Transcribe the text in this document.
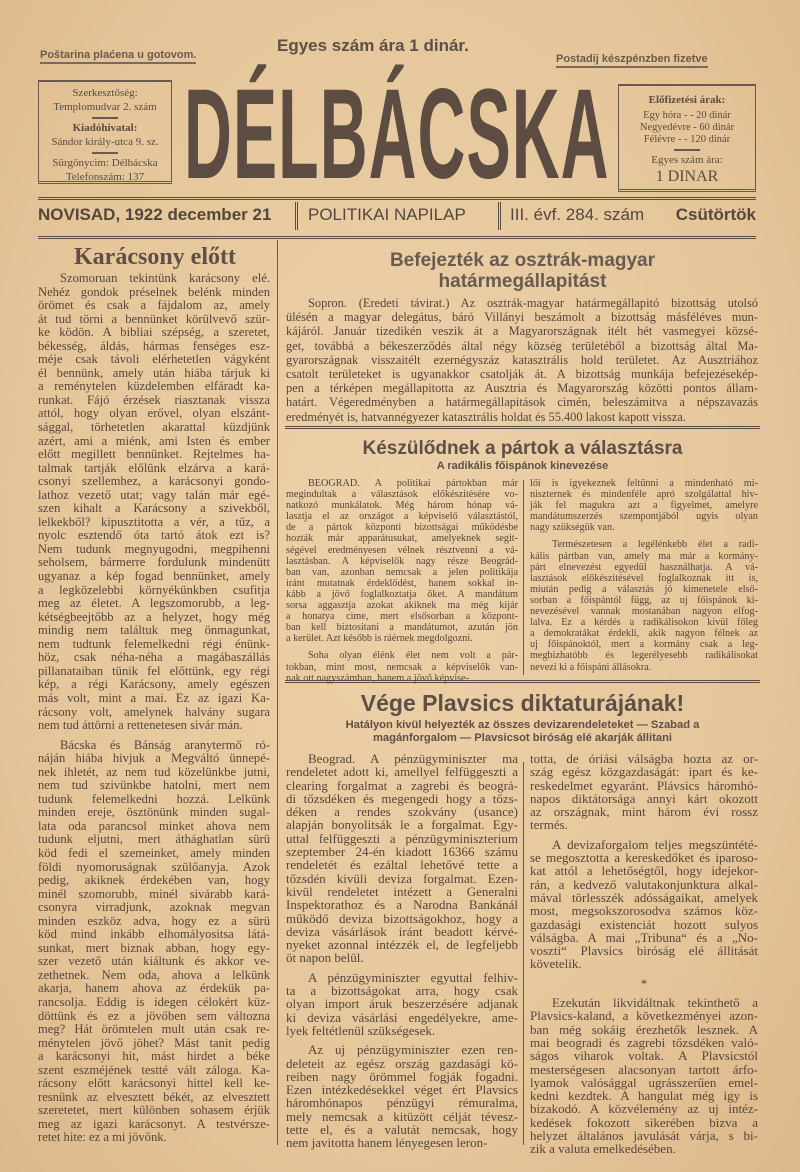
Poštarina plaćena u gotovom.	Egyes szám ára 1 dinár.
Postadij készpénzben fizetve
Szerkesztőség:
Templomudvar 2. szám
Kiadóhivatal:
Sándor király-utca 9. sz.
Sürgönycim: Délbácska
Telefonszám: 137 DÉLBÁCSKA	Előfizetési árak:
Egy hóra - - 20 dinár
Negyedévre - 60 dinár
Félévre - - 120 dinár
Egyes szám ára:
1 DINAR
NOVISAD, 1922 december 21 POLITIKAI NAPILAP	III. évf. 284. szám Csütörtök
Karácsony előtt
Szomoruan tekintünk karácsony elé.
Nehéz gondok préselnek belénk minden
örömet és csak a fájdalom az, amely
át tud törni a bennünket körülvevő szür-
ke ködön. A bibliai szépség, a szeretet,
békesség, áldás, hármas fenséges esz-
méje csak távoli elérhetetlen vágyként
él bennünk, amely után hiába tárjuk ki
a reménytelen küzdelemben elfáradt ka-
runkat. Fájó érzések riasztanak vissza
attól, hogy olyan erővel, olyan elszánt-
sággal, törhetetlen akarattal küzdjünk
azért, ami a miénk, ami Isten és ember
előtt megillett bennünket. Rejtelmes ha-
talmak tartják előlünk elzárva a kará-
csonyi szellemhez, a karácsonyi gondo-
lathoz vezető utat; vagy talán már egé-
szen kihalt a Karácsony a szivekből,
lelkekből? kipusztitotta a vér, a tűz, a
nyolc esztendő óta tartó átok ezt is?
Nem tudunk megnyugodni, megpihenni
seholsem, bármerre fordulunk mindenütt
ugyanaz a kép fogad bennünket, amely
a legközelebbi környékünkben csufitja
meg az életet. A legszomorubb, a leg-
kétségbeejtőbb az a helyzet, hogy még
mindig nem találtuk meg önmagunkat,
nem tudtunk felemelkedni régi énünk-
höz, csak néha-néha a magábaszállás
pillanataiban tünik fel előttünk, egy régi
kép, a régi Karácsony, amely egészen
más volt, mint a mai. Ez az igazi Ka-
rácsony volt, amelynek halvány sugara
nem tud áttörni a rettenetesen sivár mán.
Bácska és Bánság aranytermő ró-
náján hiába hivjuk a Megváltó ünnepé-
nek ihletét, az nem tud közelünkbe jutni,
nem tud szivünkbe hatolni, mert nem
tudunk felemelkedni hozzá. Lelkünk
minden ereje, ösztönünk minden sugal-
lata oda parancsol minket ahova nem
tudunk eljutni, mert áthághatlan sürü
köd fedi el szemeinket, amely minden
földi nyomoruságnak szülőanyja. Azok
pedig, akiknek érdekében van, hogy
minél szomorubb, minél sivárabb kará-
csonyra virradjunk, azoknak megvan
minden eszköz adva, hogy ez a sürü
köd mind inkább elhomályositsa látá-
sunkat, mert biznak abban, hogy egy-
szer vezető után kiáltunk és akkor ve-
zethetnek. Nem oda, ahova a lelkünk
akarja, hanem ahova az érdekük pa-
rancsolja. Eddig is idegen célokért küz-
döttünk és ez a jövőben sem változna
meg? Hát örömtelen mult után csak re-
ménytelen jövő jöhet? Mást tanit pedig
a karácsonyi hit, mást hirdet a béke
szent eszméjének testté vált záloga. Ka-
rácsony előtt karácsonyi hittel kell ke-
resnünk az elvesztett békét, az elvesztett
szeretetet, mert különben sohasem érjük
meg az igazi karácsonyt. A testvérsze-
retet hite: ez a mi jövőnk.
Befejezték az osztrák-magyar
határmegállapitást
Sopron. (Eredeti távirat.) Az osztrák-magyar határmegállapitó bizottság utolsó
ülésén a magyar delegátus, báró Villányi beszámolt a bizottság másféléves mun-
kájáról. Január tizedikén veszik át a Magyarországnak itélt hét vasmegyei közsé-
get, továbbá a békeszerződés által négy község területéből a bizottság által Ma-
gyarországnak visszaitélt ezernégyszáz katasztrális hold területet. Az Ausztriához
csatolt területeket is ugyanakkor csatolják át. A bizottság munkája befejezésekép-
pen a térképen megállapitotta az Ausztria és Magyarország közötti pontos állam-
határt. Végeredményben a határmegállapitások cimén, beleszámitva a népszavazás
eredményét is, hatvannégyezer katasztrális holdat és 55.400 lakost kapott vissza.
Készülődnek a pártok a választásra
A radikális főispánok kinevezése
BEOGRAD. A politikai pártokban már
megindultak a választások előkészitésére vo-
natkozó munkálatok. Még három hónap vá-
lasztja el az országot a képviselő választástól,
de a pártok központi bizottságai működésbe
hozták már apparátusukat, amelyeknek segit-
ségével eredményesen vélnek résztvenni a vá-
lasztásban. A képviselők nagy része Beográd-
ban van, azonban nemcsak a jelen politikája
iránt mutatnak érdeklődést, hanem sokkal in-
kább a jövő foglalkoztatja őket. A mandátum
sorsa aggasztja azokat akiknek ma még kijár
a honatya cime, mert elsősorban a központ-
ban kell biztositani a mandátumot, azután jön
a kerület. Azt később is ráérnek megdolgozni.
Soha olyan élénk élet nem volt a pár-
tokban, mint most, nemcsak a képviselők van-
nak ott nagyszámban, hanem a jövő képvise-
lői is igyekeznek feltűnni a mindenható mi-
niszternek és mindenféle apró szolgálattal hiv-
ják fel magukra azt a figyelmet, amelyre
mandátumszerzés szempontjából ugyis olyan
nagy szükségük van.
Természetesen a legélénkebb élet a radi-
kális pártban van, amely ma már a kormány-
párt elnevezést egyedül használhatja. A vá-
lasztások előkészitésével foglalkoznak itt is,
miután pedig a választás jó kimenetele első-
sorban a főispántól függ, az uj főispánok ki-
nevezésével vannak mostanában nagyon elfog-
lalva. Ez a kérdés a radikálisokon kivül főleg
a demokratákat érdekli, akik nagyon félnek az
uj főispánoktól, mert a kormány csak a leg-
megbizhatóbb és legerélyesebb radikálisokat
nevezi ki a főispáni állásokra.
Vége Plavsics diktaturájának!
Hatályon kivül helyezték az összes devizarendeleteket — Szabad a
magánforgalom — Plavsicsot biróság elé akarják állitani
Beograd. A pénzügyminiszter ma
rendeletet adott ki, amellyel felfüggeszti a
clearing forgalmat a zagrebi és beográ-
di tőzsdéken és megengedi hogy a tőzs-
déken a rendes szokvány (usance)
alapján bonyolitsák le a forgalmat. Egy-
uttal felfüggeszti a pénzügyminiszterium
szeptember 24-én kiadott 16366 számu
rendeletét és ezáltal lehetővé tette a
tőzsdén kivüli deviza forgalmat. Ezen-
kivül rendeletet intézett a Generalni
Inspektorathoz és a Narodna Bankánál
működő deviza bizottságokhoz, hogy a
deviza vásárlások iránt beadott kérvé-
nyeket azonnal intézzék el, de legfeljebb
öt napon belül.
A pénzügyminiszter egyuttal felhiv-
ta a bizottságokat arra, hogy csak
olyan import áruk beszerzésére adjanak
ki deviza vásárlási engedélyekre, ame-
lyek feltétlenül szükségesek.
Az uj pénzügyminiszter ezen ren-
deleteit az egész ország gazdasági kö-
reiben nagy örömmel fogják fogadni.
Ezen intézkedésekkel véget ért Plavsics
háromhónapos pénzügyi rémuralma,
mely nemcsak a kitüzött célját tévesz-
tette el, és a valutát nemcsak, hogy
nem javitotta hanem lényegesen leron-
totta, de óriási válságba hozta az or-
szág egész közgazdaságát: ipart és ke-
reskedelmet egyaránt. Plávsics háromhó-
napos diktátorsága annyi kárt okozott
az országnak, mint három évi rossz
termés.
A devizaforgalom teljes megszüntété-
se megosztotta a kereskedőket és iparoso-
kat attól a lehetőségtől, hogy idejekor-
rán, a kedvező valutakonjunktura alkal-
mával törlesszék adósságaikat, amelyek
most, megsokszorosodva számos köz-
gazdasági existenciát hozott sulyos
válságba. A mai „Tribuna“ és a „No-
voszti“ Plavsics biróság elé állitását
követelik.
*
Ezekután likvidáltnak tekinthető a
Plavsics-kaland, a következményei azon-
ban még sokáig érezhetők lesznek. A
mai beogradi és zagrebi tőzsdéken való-
ságos viharok voltak. A Plavsicstól
mesterségesen alacsonyan tartott árfo-
lyamok valósággal ugrásszerűen emel-
kedni kezdtek. A hangulat még igy is
bizakodó. A közvélemény az uj intéz-
kedések fokozott sikerében bizva a
helyzet általános javulását várja, s bi-
zik a valuta emelkedésében.
